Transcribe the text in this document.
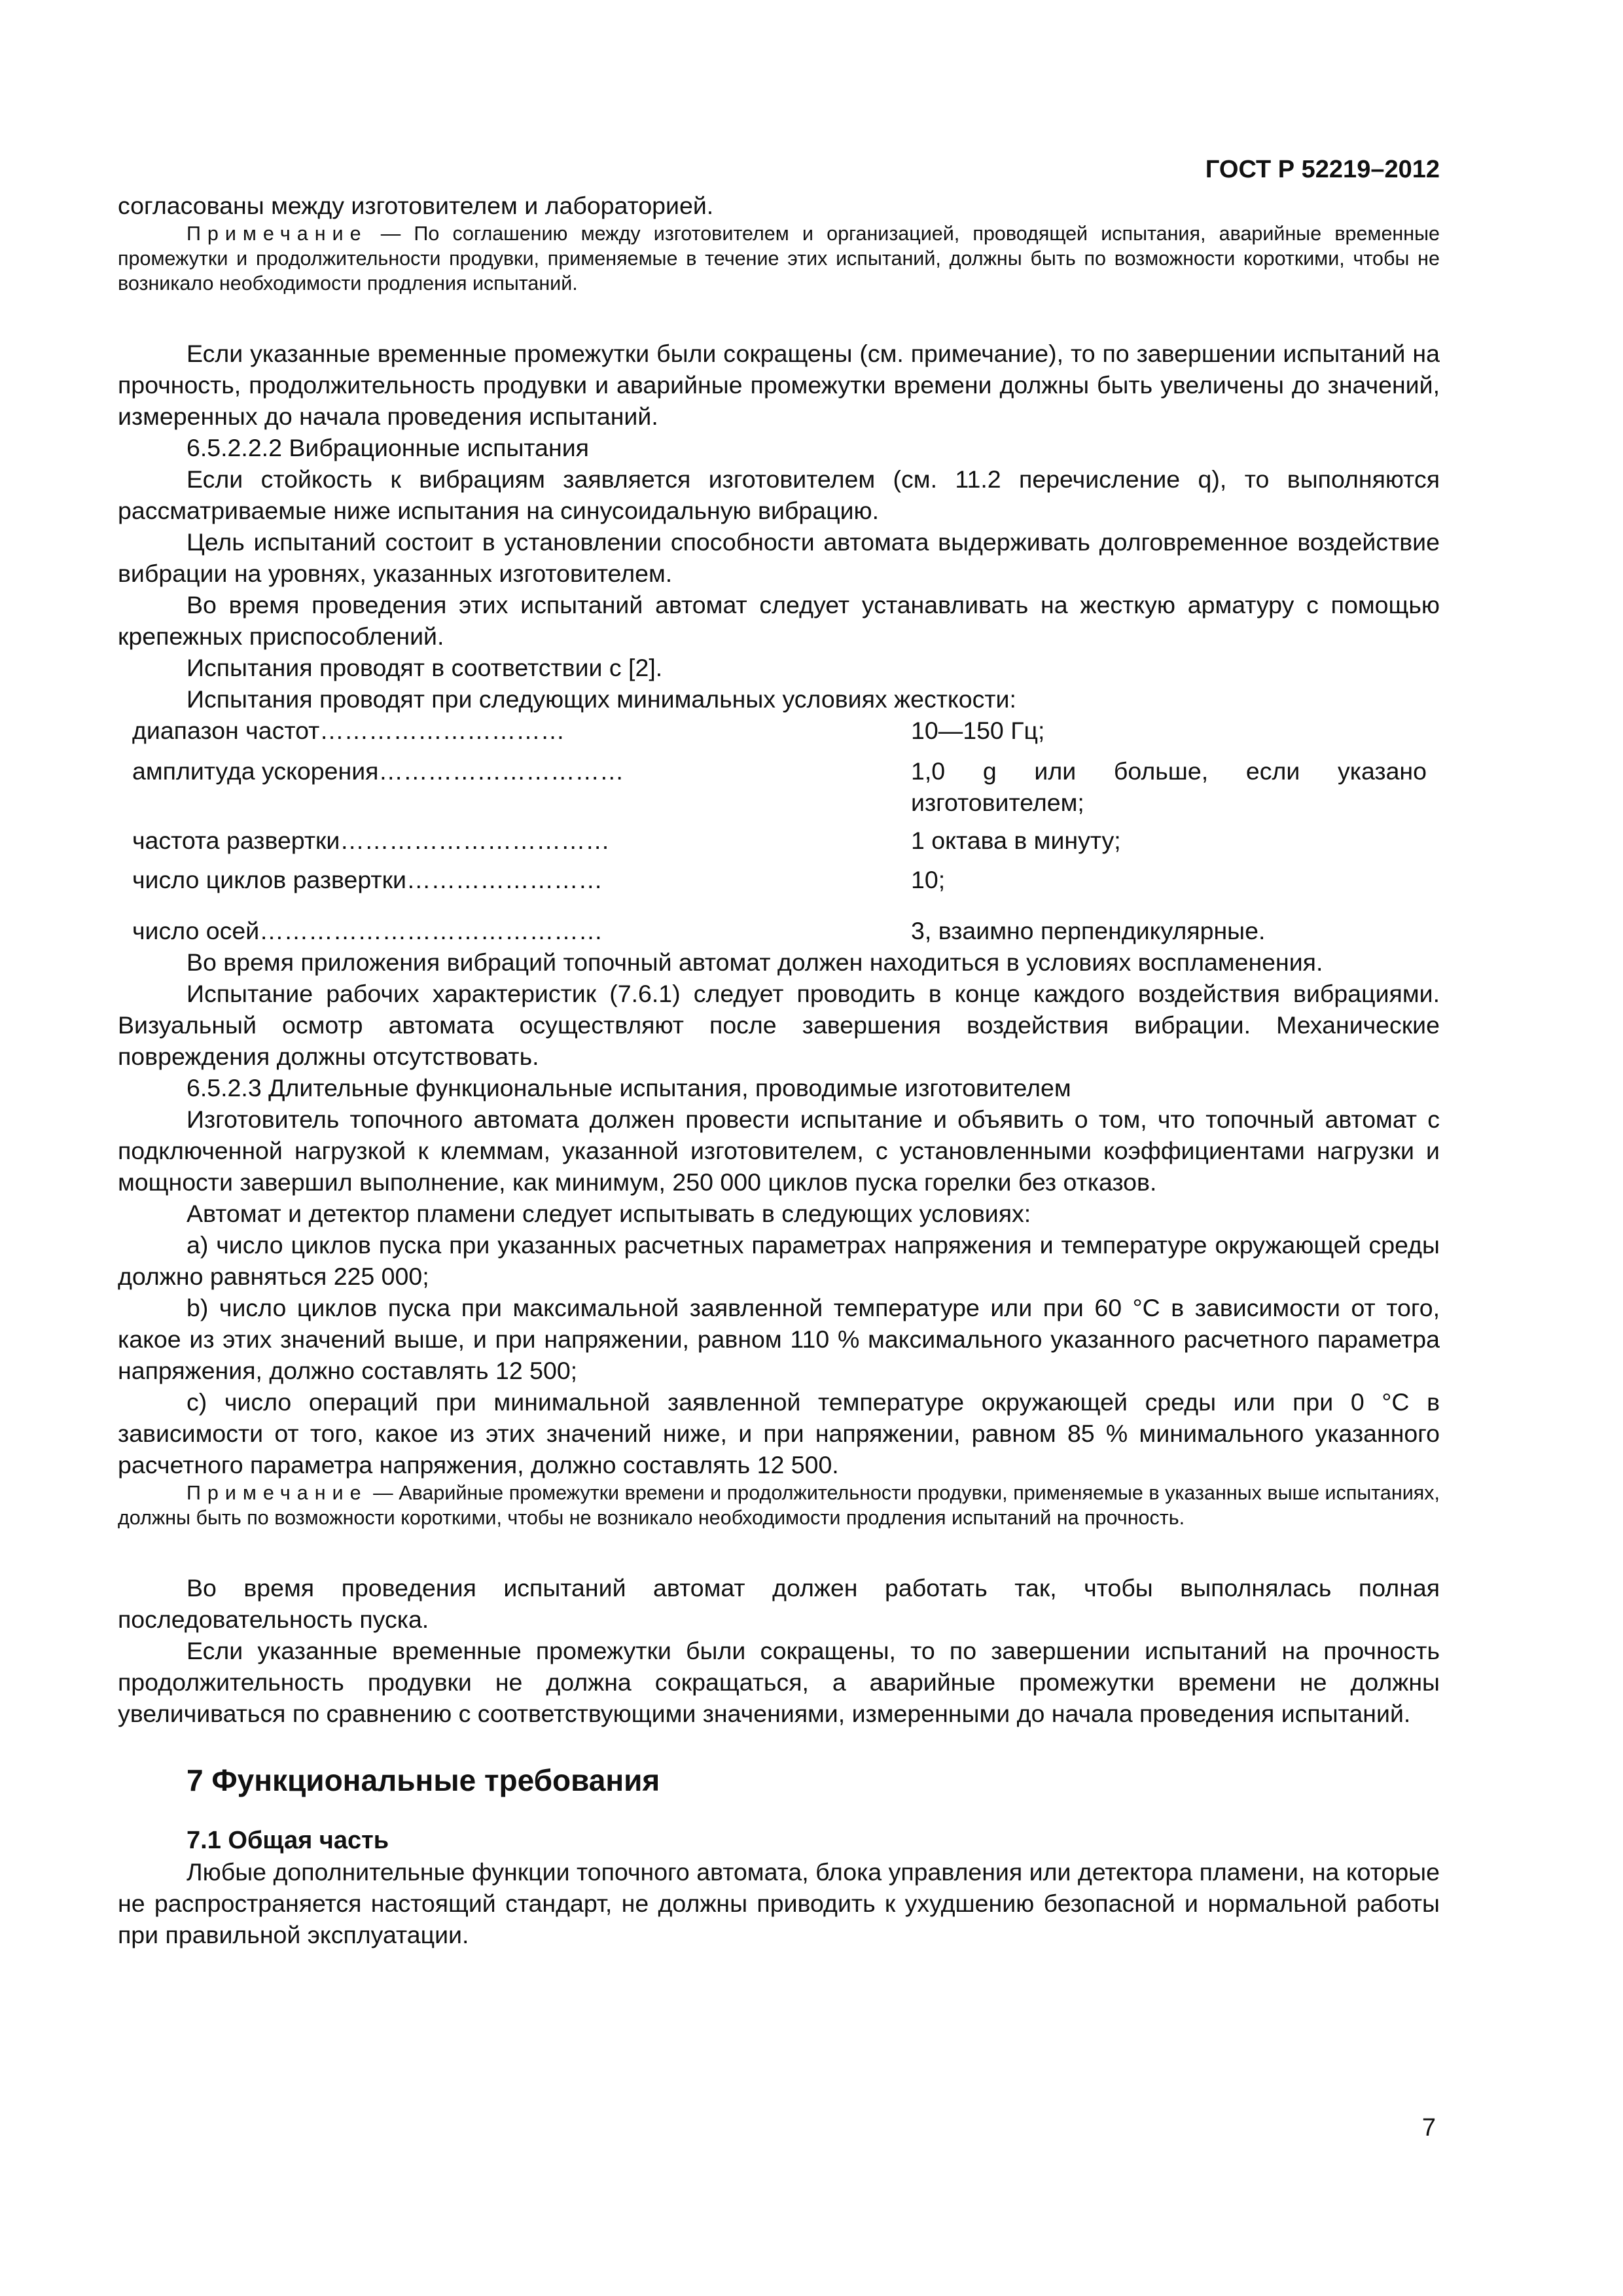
ГОСТ Р 52219–2012

согласованы между изготовителем и лабораторией.

Примечание — По соглашению между изготовителем и организацией, проводящей испытания, аварийные временные промежутки и продолжительности продувки, применяемые в течение этих испытаний, должны быть по возможности короткими, чтобы не возникало необходимости продления испытаний.

Если указанные временные промежутки были сокращены (см. примечание), то по завершении испытаний на прочность, продолжительность продувки и аварийные промежутки времени должны быть увеличены до значений, измеренных до начала проведения испытаний.

6.5.2.2.2 Вибрационные испытания

Если стойкость к вибрациям заявляется изготовителем (см. 11.2 перечисление q), то выполняются рассматриваемые ниже испытания на синусоидальную вибрацию.

Цель испытаний состоит в установлении способности автомата выдерживать долговременное воздействие вибрации на уровнях, указанных изготовителем.

Во время проведения этих испытаний автомат следует устанавливать на жесткую арматуру с помощью крепежных приспособлений.

Испытания проводят в соответствии с [2].

Испытания проводят при следующих минимальных условиях жесткости:

диапазон частот…………………………	10—150 Гц;
амплитуда ускорения…………………………	1,0 g или больше, если указано изготовителем;
частота развертки……………………………	1 октава в минуту;
число циклов развертки……………………	10;
число осей……………………………………	3, взаимно перпендикулярные.

Во время приложения вибраций топочный автомат должен находиться в условиях воспламенения.

Испытание рабочих характеристик (7.6.1) следует проводить в конце каждого воздействия вибрациями. Визуальный осмотр автомата осуществляют после завершения воздействия вибрации. Механические повреждения должны отсутствовать.

6.5.2.3 Длительные функциональные испытания, проводимые изготовителем

Изготовитель топочного автомата должен провести испытание и объявить о том, что топочный автомат с подключенной нагрузкой к клеммам, указанной изготовителем, с установленными коэффициентами нагрузки и мощности завершил выполнение, как минимум, 250 000 циклов пуска горелки без отказов.

Автомат и детектор пламени следует испытывать в следующих условиях:

а) число циклов пуска при указанных расчетных параметрах напряжения и температуре окружающей среды должно равняться 225 000;

b) число циклов пуска при максимальной заявленной температуре или при 60 °С в зависимости от того, какое из этих значений выше, и при напряжении, равном 110 % максимального указанного расчетного параметра напряжения, должно составлять 12 500;

с) число операций при минимальной заявленной температуре окружающей среды или при 0 °С в зависимости от того, какое из этих значений ниже, и при напряжении, равном 85 % минимального указанного расчетного параметра напряжения, должно составлять 12 500.

Примечание — Аварийные промежутки времени и продолжительности продувки, применяемые в указанных выше испытаниях, должны быть по возможности короткими, чтобы не возникало необходимости продления испытаний на прочность.

Во время проведения испытаний автомат должен работать так, чтобы выполнялась полная последовательность пуска.

Если указанные временные промежутки были сокращены, то по завершении испытаний на прочность продолжительность продувки не должна сокращаться, а аварийные промежутки времени не должны увеличиваться по сравнению с соответствующими значениями, измеренными до начала проведения испытаний.

7 Функциональные требования
7.1 Общая часть

Любые дополнительные функции топочного автомата, блока управления или детектора пламени, на которые не распространяется настоящий стандарт, не должны приводить к ухудшению безопасной и нормальной работы при правильной эксплуатации.

7
